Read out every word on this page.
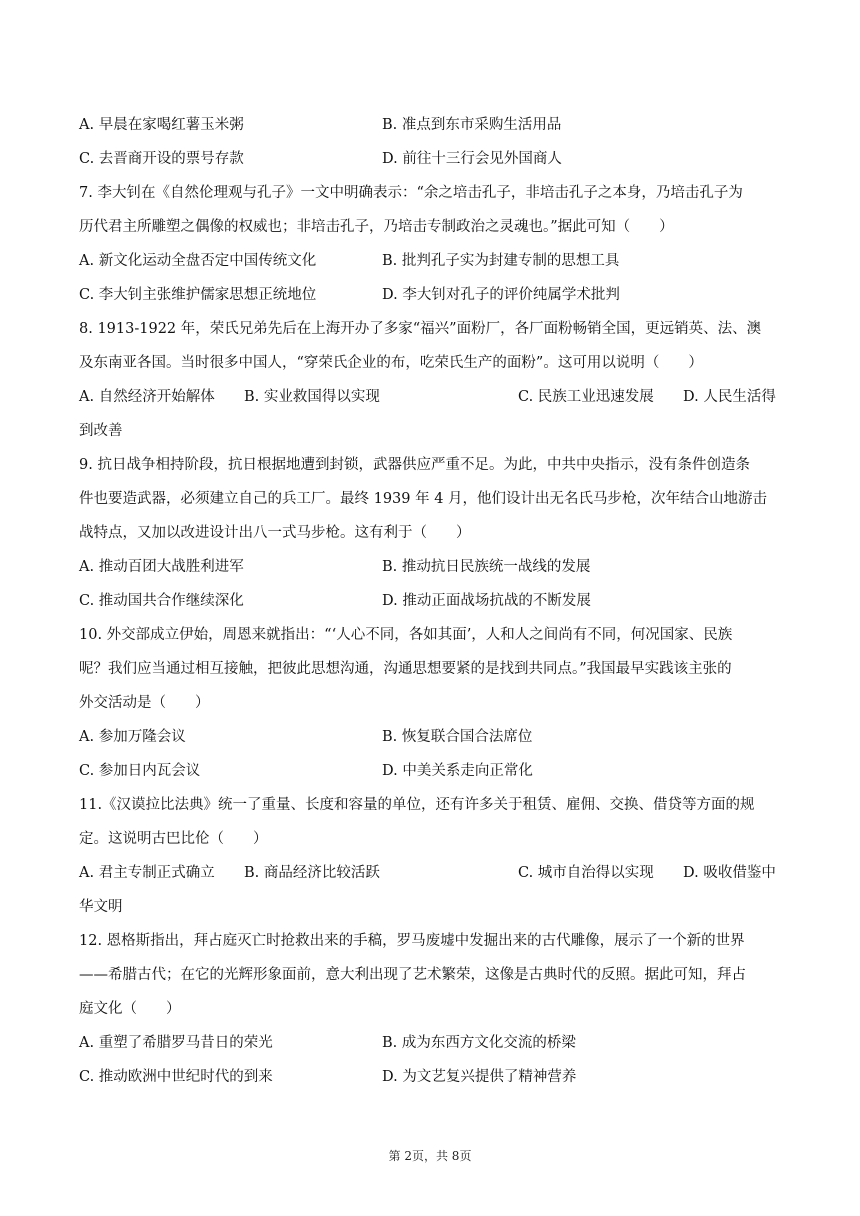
A. 早晨在家喝红薯玉米粥	B. 准点到东市采购生活用品
C. 去晋商开设的票号存款	D. 前往十三行会见外国商人
7. 李大钊在《自然伦理观与孔子》一文中明确表示：“余之培击孔子，非培击孔子之本身，乃培击孔子为
历代君主所雕塑之偶像的权威也；非培击孔子，乃培击专制政治之灵魂也。”据此可知（　　）
A. 新文化运动全盘否定中国传统文化	B. 批判孔子实为封建专制的思想工具
C. 李大钊主张维护儒家思想正统地位	D. 李大钊对孔子的评价纯属学术批判
8. 1913-1922 年，荣氏兄弟先后在上海开办了多家“福兴”面粉厂，各厂面粉畅销全国，更远销英、法、澳
及东南亚各国。当时很多中国人，“穿荣氏企业的布，吃荣氏生产的面粉”。这可用以说明（　　）
A. 自然经济开始解体 B. 实业救国得以实现	C. 民族工业迅速发展 D. 人民生活得
到改善
9. 抗日战争相持阶段，抗日根据地遭到封锁，武器供应严重不足。为此，中共中央指示，没有条件创造条
件也要造武器，必须建立自己的兵工厂。最终 1939 年 4 月，他们设计出无名氏马步枪，次年结合山地游击
战特点，又加以改进设计出八一式马步枪。这有利于（　　）
A. 推动百团大战胜利进军	B. 推动抗日民族统一战线的发展
C. 推动国共合作继续深化	D. 推动正面战场抗战的不断发展
10. 外交部成立伊始，周恩来就指出：“‘人心不同，各如其面’，人和人之间尚有不同，何况国家、民族
呢？我们应当通过相互接触，把彼此思想沟通，沟通思想要紧的是找到共同点。”我国最早实践该主张的
外交活动是（　　）
A. 参加万隆会议	B. 恢复联合国合法席位
C. 参加日内瓦会议	D. 中美关系走向正常化
11.《汉谟拉比法典》统一了重量、长度和容量的单位，还有许多关于租赁、雇佣、交换、借贷等方面的规
定。这说明古巴比伦（　　）
A. 君主专制正式确立 B. 商品经济比较活跃	C. 城市自治得以实现 D. 吸收借鉴中
华文明
12. 恩格斯指出，拜占庭灭亡时抢救出来的手稿，罗马废墟中发掘出来的古代雕像，展示了一个新的世界
——希腊古代；在它的光辉形象面前，意大利出现了艺术繁荣，这像是古典时代的反照。据此可知，拜占
庭文化（　　）
A. 重塑了希腊罗马昔日的荣光	B. 成为东西方文化交流的桥梁
C. 推动欧洲中世纪时代的到来	D. 为文艺复兴提供了精神营养
第 2页，共 8页
